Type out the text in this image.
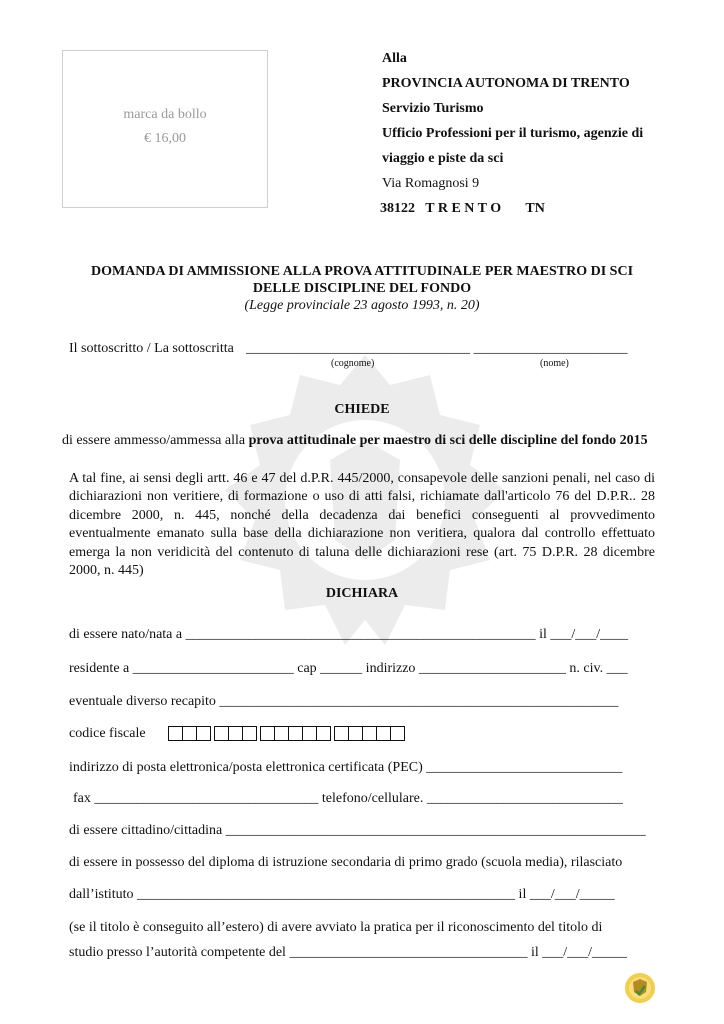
marca da bollo
€ 16,00
Alla
PROVINCIA AUTONOMA DI TRENTO
Servizio Turismo
Ufficio Professioni per il turismo, agenzie di
viaggio e piste da sci
Via Romagnosi 9
38122   T R E N T O       TN
DOMANDA DI AMMISSIONE ALLA PROVA ATTITUDINALE PER MAESTRO DI SCI
DELLE DISCIPLINE DEL FONDO
(Legge provinciale 23 agosto 1993, n. 20)
Il sottoscritto / La sottoscritta ________________________________ ______________________
(cognome)	(nome)
CHIEDE
di essere ammesso/ammessa alla prova attitudinale per maestro di sci delle discipline del fondo 2015
A tal fine, ai sensi degli artt. 46 e 47 del d.P.R. 445/2000, consapevole delle sanzioni penali, nel caso di dichiarazioni non veritiere, di formazione o uso di atti falsi, richiamate dall'articolo 76 del D.P.R.. 28 dicembre 2000, n. 445, nonché della decadenza dai benefici conseguenti al provvedimento eventualmente emanato sulla base della dichiarazione non veritiera, qualora dal controllo effettuato emerga la non veridicità del contenuto di taluna delle dichiarazioni rese (art. 75 D.P.R. 28 dicembre 2000, n. 445)
DICHIARA
di essere nato/nata a __________________________________________________ il ___/___/____
residente a _______________________ cap ______ indirizzo _____________________ n. civ. ___
eventuale diverso recapito _________________________________________________________
codice fiscale
indirizzo di posta elettronica/posta elettronica certificata (PEC) ____________________________
fax ________________________________ telefono/cellulare. ____________________________
di essere cittadino/cittadina ____________________________________________________________
di essere in possesso del diploma di istruzione secondaria di primo grado (scuola media), rilasciato
dall’istituto ______________________________________________________ il ___/___/_____
(se il titolo è conseguito all’estero) di avere avviato la pratica per il riconoscimento del titolo di
studio presso l’autorità competente del __________________________________ il ___/___/_____
